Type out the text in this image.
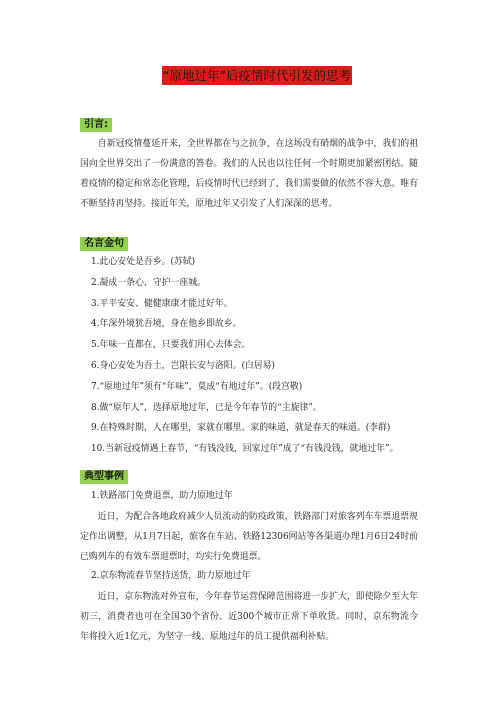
“原地过年”后疫情时代引发的思考
引言:
自新冠疫情蔓延开来，全世界都在与之抗争，在这场没有硝烟的战争中，我们的祖国向全世界交出了一份满意的答卷。我们的人民也以往任何一个时期更加紧密团结。随着疫情的稳定和常态化管理，后疫情时代已经到了，我们需要做的依然不容大意。唯有不断坚持再坚持。接近年关，原地过年又引发了人们深深的思考。
名言金句
1.此心安处是吾乡。(苏轼)
2.凝成一条心，守护一座城。
3.平平安安、健健康康才能过好年。
4.年深外境犹吾境，身在他乡即故乡。
5.年味一直都在，只要我们用心去体会。
6.身心安处为吾土，岂限长安与洛阳。(白居易)
7.“原地过年”须有“年味”，莫成“有地过年”。(段宫敬)
8.做“原年人”，选择原地过年，已是今年春节的“主旋律”。
9.在特殊时期，人在哪里，家就在哪里。家的味道，就是春天的味道。(李群)
10.当新冠疫情遇上春节，“有钱没钱，回家过年”成了“有钱没钱，就地过年”。
典型事例
1.铁路部门免费退票，助力原地过年
近日，为配合各地政府减少人员流动的防疫政策，铁路部门对旅客列车车票退票规定作出调整，从1月7日起，旅客在车站、铁路12306网站等各渠道办理1月6日24时前已购列车的有效车票退票时，均实行免费退票。
2.京东物流春节坚持送货，助力原地过年
近日，京东物流对外宣布，今年春节运营保障范围将进一步扩大，即使除夕至大年初三，消费者也可在全国30个省份、近300个城市正常下单收货。同时，京东物流今年将投入近1亿元，为坚守一线、原地过年的员工提供福利补贴。
